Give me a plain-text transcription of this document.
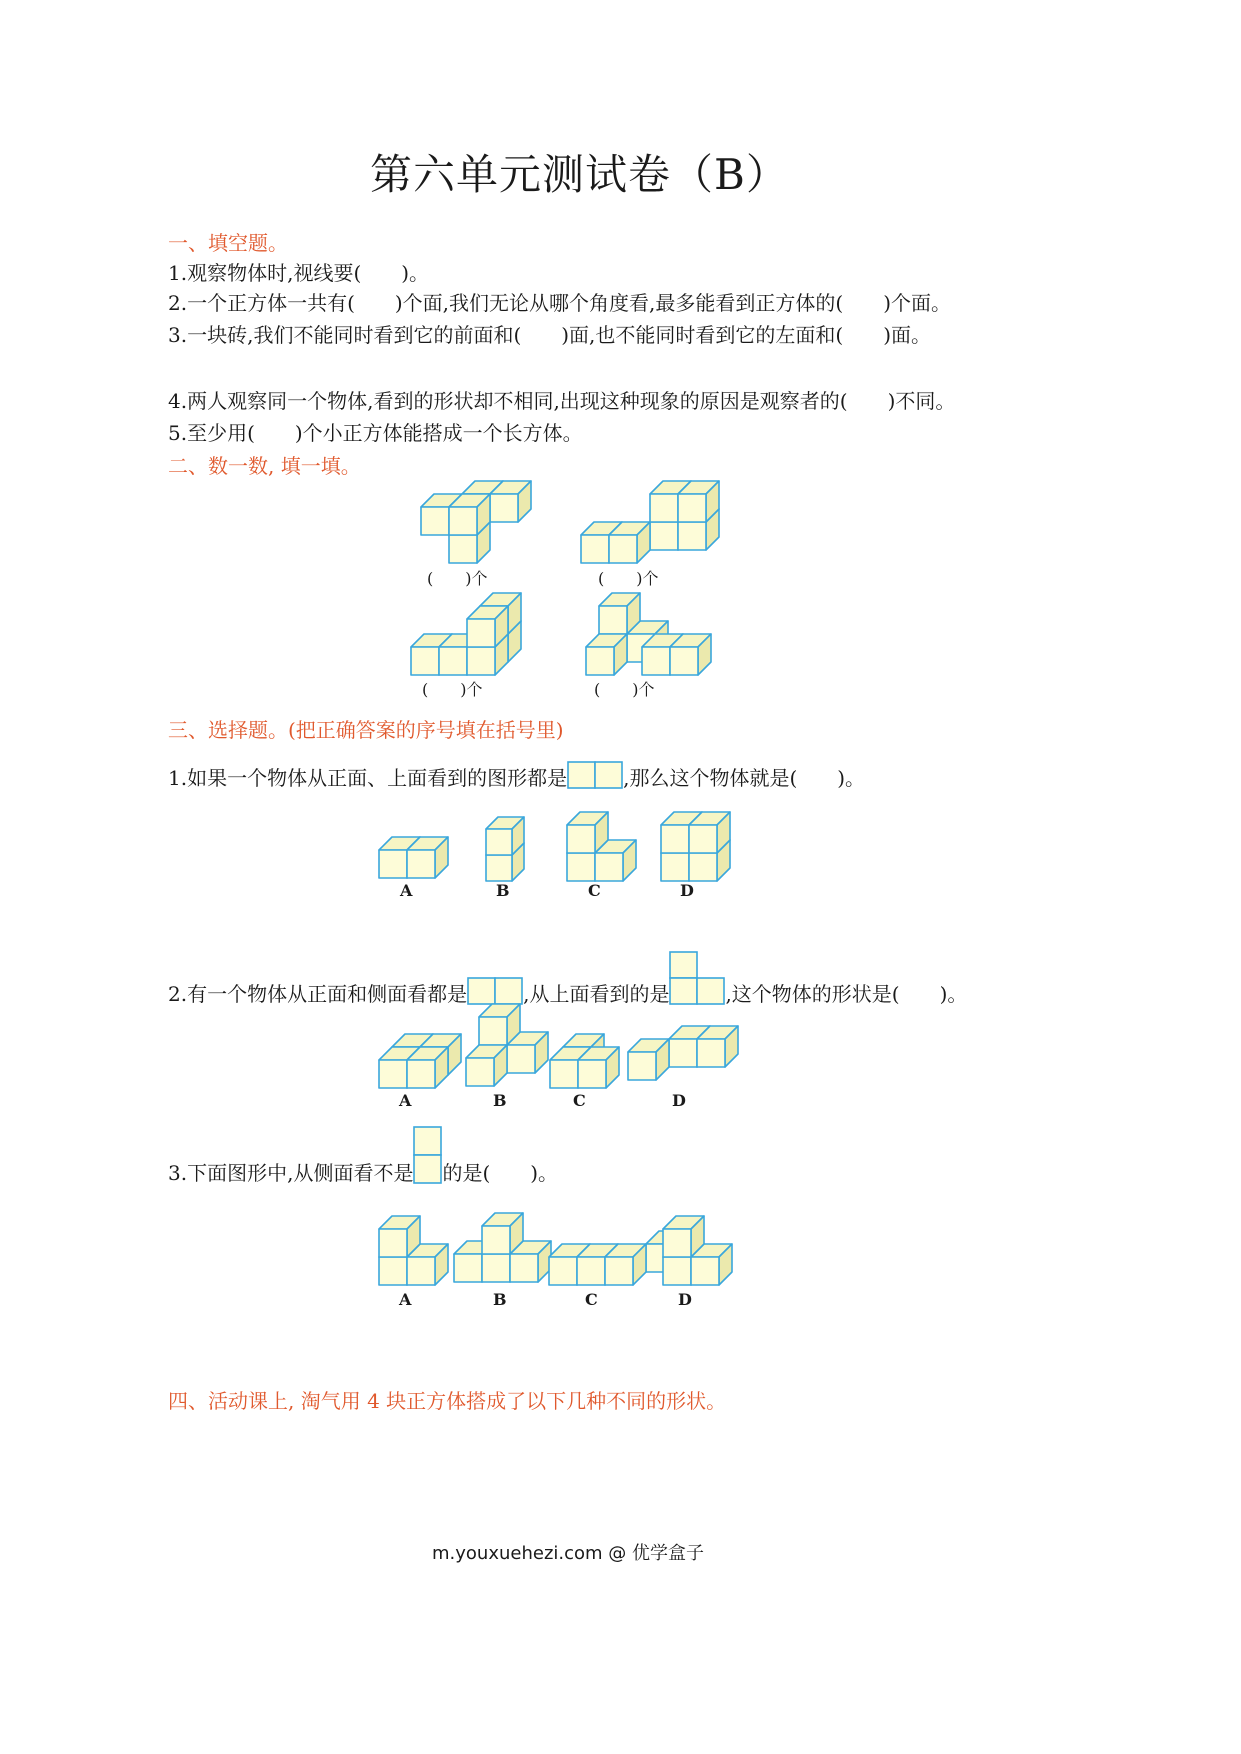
第六单元测试卷（B）
一、填空题。
1.观察物体时,视线要(　　)。
2.一个正方体一共有(　　)个面,我们无论从哪个角度看,最多能看到正方体的(　　)个面。
3.一块砖,我们不能同时看到它的前面和(　　)面,也不能同时看到它的左面和(　　)面。
4.两人观察同一个物体,看到的形状却不相同,出现这种现象的原因是观察者的(　　)不同。
5.至少用(　　)个小正方体能搭成一个长方体。
二、数一数, 填一填。
(　　)个	(　　)个
(　　)个	(　　)个
三、选择题。(把正确答案的序号填在括号里)
1.如果一个物体从正面、上面看到的图形都是	,那么这个物体就是(　　)。
A	B	C	D
2.有一个物体从正面和侧面看都是	,从上面看到的是	,这个物体的形状是(　　)。
A	B	C	D
3.下面图形中,从侧面看不是 的是(　　)。
A	B	C	D
四、活动课上, 淘气用 4 块正方体搭成了以下几种不同的形状。
m.youxuehezi.com @ 优学盒子
